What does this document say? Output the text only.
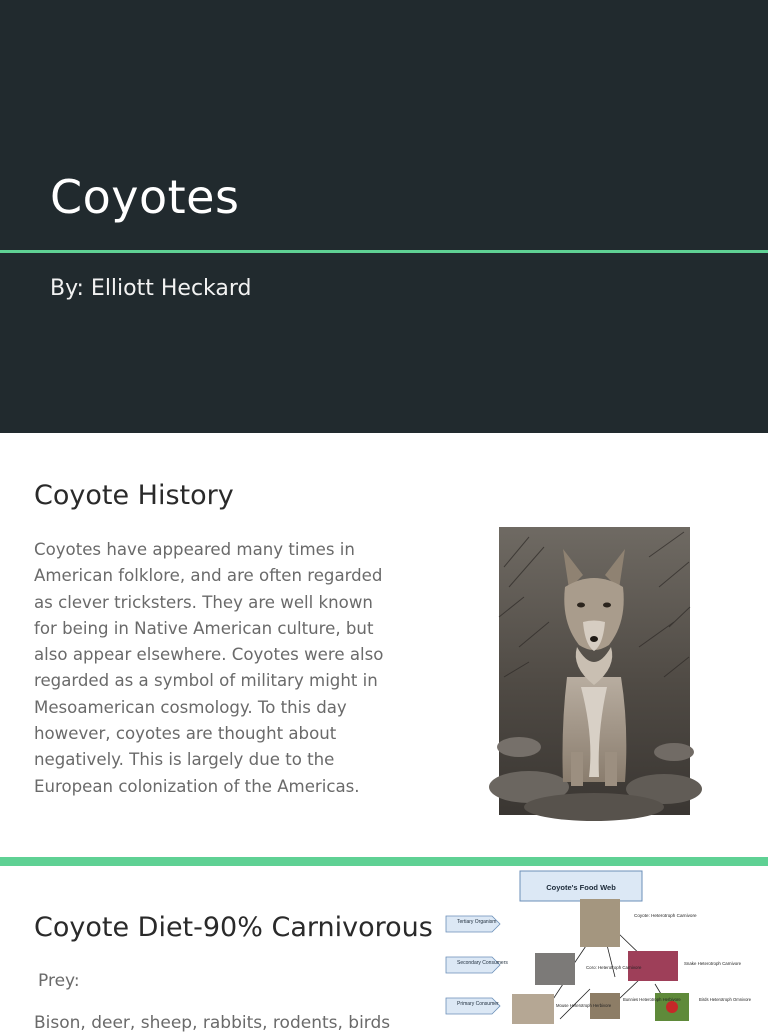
Coyotes
By: Elliott Heckard
Coyote History

Coyotes have appeared many times in American folklore, and are often regarded as clever tricksters. They are well known for being in Native American culture, but also appear elsewhere. Coyotes were also regarded as a symbol of military might in Mesoamerican cosmology. To this day however, coyotes are thought about negatively. This is largely due to the European colonization of the Americas.

Coyote Diet-90% Carnivorous
Prey:
Bison, deer, sheep, rabbits, rodents, birds
Coyote's Food Web
Tertiary Organism
Secondary Consumers
Primary Consumer
Coyote: Heterotroph Carnivore
Coro: Heterotroph Carnivore
Snake Heterotroph Carnivore
Mouse Heterotroph Herbivore
Bunnies Heterotroph Herbivore	Birds Heterotroph Omnivore
